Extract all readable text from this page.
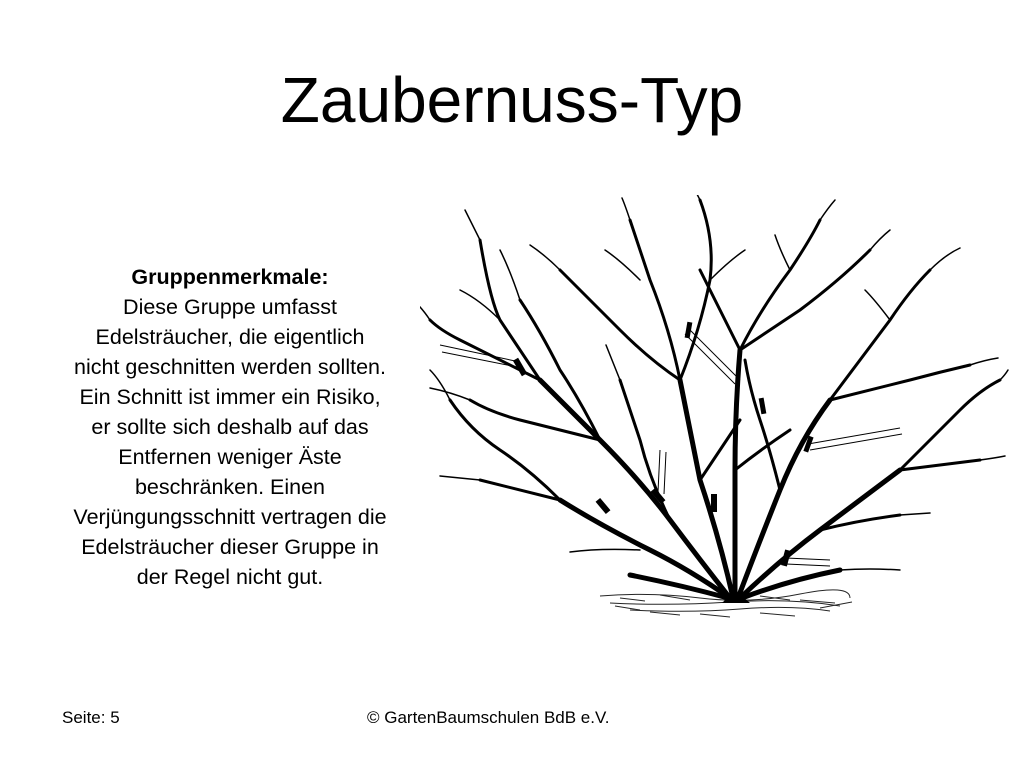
Zaubernuss-Typ
Gruppenmerkmale:
Diese Gruppe umfasst
Edelsträucher, die eigentlich
nicht geschnitten werden sollten.
Ein Schnitt ist immer ein Risiko,
er sollte sich deshalb auf das
Entfernen weniger Äste
beschränken. Einen
Verjüngungsschnitt vertragen die
Edelsträucher dieser Gruppe in
der Regel nicht gut.
Seite: 5	© GartenBaumschulen BdB e.V.
